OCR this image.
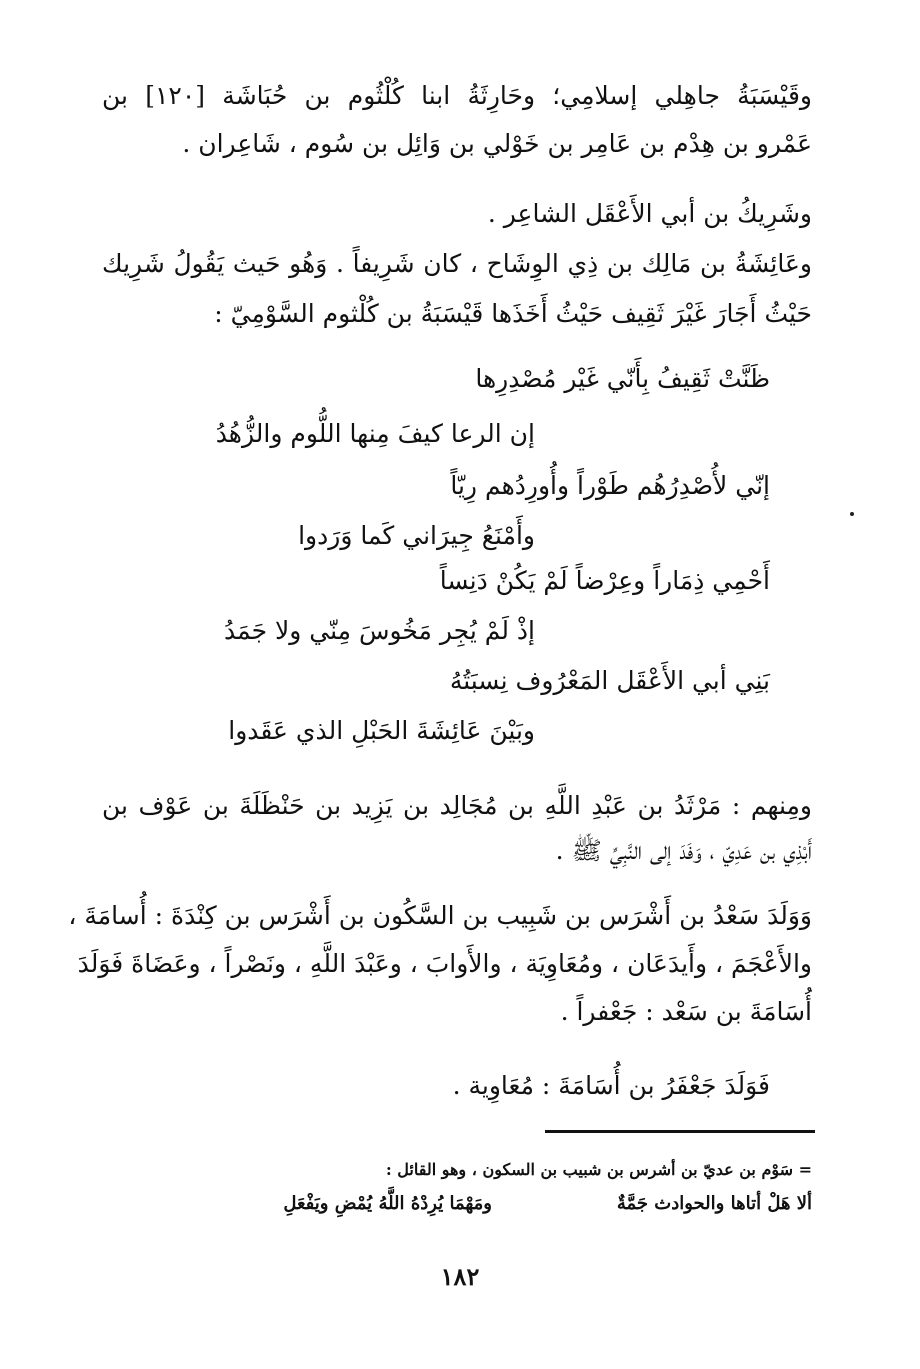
وقَيْسَبَةُ جاهِلي إسلامِي؛ وحَارِثَةُ ابنا كُلْثُوم بن حُبَاشَة [١٢٠] بن
عَمْرو بن هِدْم بن عَامِر بن خَوْلي بن وَائِل بن سُوم ، شَاعِران .
وشَرِيكُ بن أبي الأَعْقَل الشاعِر .
وعَائِشَةُ بن مَالِك بن ذِي الوِشَاح ، كان شَرِيفاً . وَهُو حَيث يَقُولُ شَرِيك
حَيْثُ أَجَارَ غَيْرَ ثَقِيف حَيْثُ أَخَذَها قَيْسَبَةُ بن كُلْثوم السَّوْمِيّ :
ظَنَّتْ ثَقِيفُ بِأَنّي غَيْر مُصْدِرِها
إن الرعا كيفَ مِنها اللُّوم والزُّهُدُ
إنّي لأُصْدِرُهُم طَوْراً وأُورِدُهم رِيّاً
وأَمْنَعُ جِيرَاني كَما وَرَدوا
أَحْمِي ذِمَاراً وعِرْضاً لَمْ يَكُنْ دَنِساً
إذْ لَمْ يُجِر مَخُوسَ مِنّي ولا جَمَدُ
بَنِي أبي الأَعْقَل المَعْرُوف نِسبَتُهُ
وبَيْنَ عَائِشَةَ الحَبْلِ الذي عَقَدوا
ومِنهم : مَرْثَدُ بن عَبْدِ اللَّهِ بن مُجَالِد بن يَزِيد بن حَنْظَلَةَ بن عَوْف بن
أَبْذِي بن عَدِيّ ، وَفَدَ إلى النَّبِيِّ ﷺ .
وَوَلَدَ سَعْدُ بن أَشْرَس بن شَبِيب بن السَّكُون بن أَشْرَس بن كِنْدَةَ : أُسامَةَ ،
والأَعْجَمَ ، وأَيدَعَان ، ومُعَاوِيَة ، والأَوابَ ، وعَبْدَ اللَّهِ ، ونَصْراً ، وعَضَاةَ فَوَلَدَ
أُسَامَةَ بن سَعْد : جَعْفراً .
فَوَلَدَ جَعْفَرُ بن أُسَامَةَ : مُعَاوِية .
= سَوْم بن عديّ بن أشرس بن شبيب بن السكون ، وهو القائل :
ألا هَلْ أتاها والحوادث جَمَّةٌ
ومَهْمَا يُرِدْهُ اللَّهُ يُمْضِ ويَفْعَلِ
١٨٢
